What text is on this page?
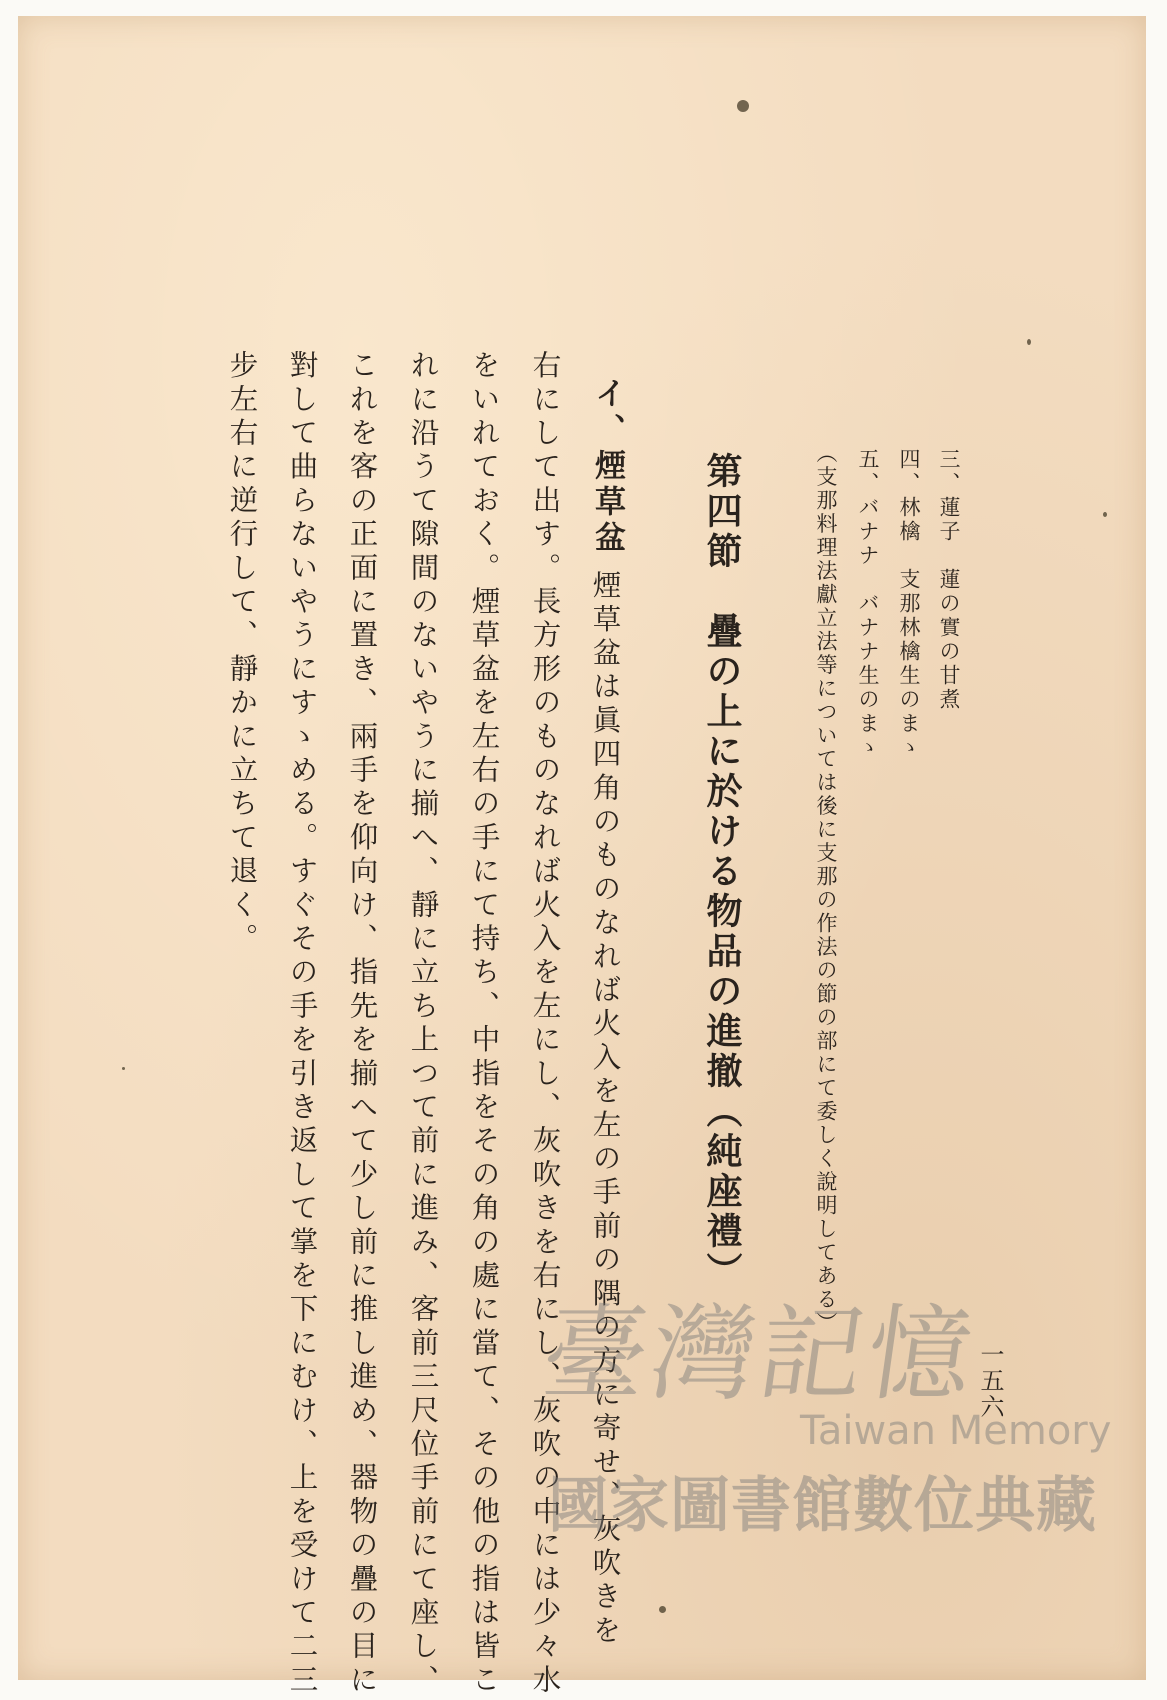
三、蓮子　蓮の實の甘煮
四、林檎　支那林檎生のまゝ
五、バナナ　バナナ生のまゝ
（支那料理法獻立法等については後に支那の作法の節の部にて委しく說明してある）
第四節　疊の上に於ける物品の進撤（純座禮）
イ、煙草盆
煙草盆は眞四角のものなれば火入を左の手前の隅の方に寄せ、灰吹きを
右にして出す。長方形のものなれば火入を左にし、灰吹きを右にし、灰吹の中には少々水
をいれておく。煙草盆を左右の手にて持ち、中指をその角の處に當て、その他の指は皆こ
れに沿うて隙間のないやうに揃へ、靜に立ち上つて前に進み、客前三尺位手前にて座し、
これを客の正面に置き、兩手を仰向け、指先を揃へて少し前に推し進め、器物の疊の目に
對して曲らないやうにすゝめる。すぐその手を引き返して掌を下にむけ、上を受けて二三
步左右に逆行して、靜かに立ちて退く。
一五六
臺灣記憶
Taiwan Memory
國家圖書館數位典藏
